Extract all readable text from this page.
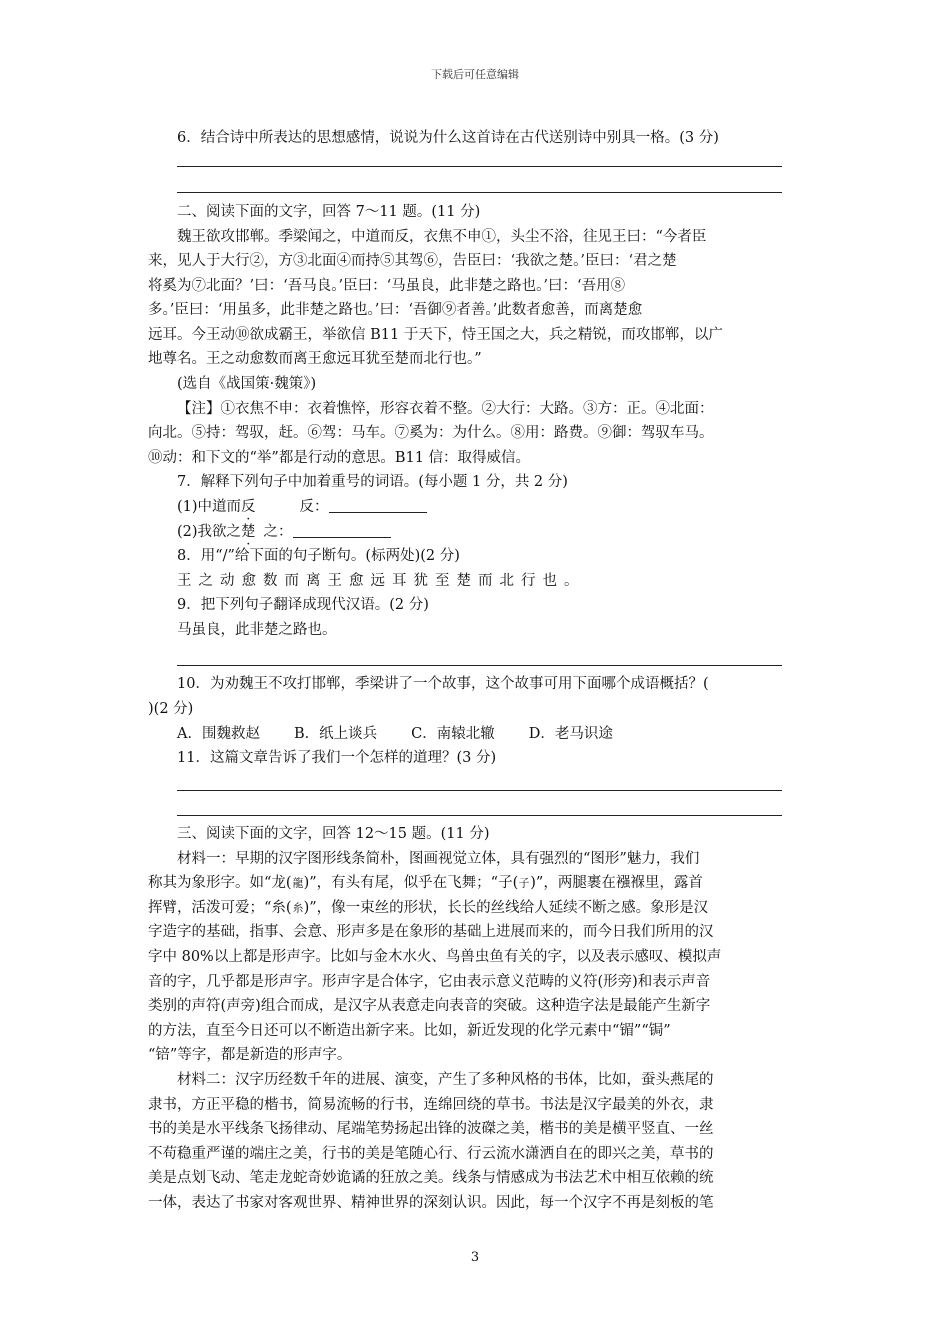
下载后可任意编辑

6．结合诗中所表达的思想感情，说说为什么这首诗在古代送别诗中别具一格。(3 分)

二、阅读下面的文字，回答 7～11 题。(11 分)

魏王欲攻邯郸。季梁闻之，中道而反，衣焦不申①，头尘不浴，往见王曰：“今者臣

来，见人于大行②，方③北面④而持⑤其驾⑥，告臣曰：‘我欲之楚。’臣曰：‘君之楚

将奚为⑦北面？’曰：‘吾马良。’臣曰：‘马虽良，此非楚之路也。’曰：‘吾用⑧

多。’臣曰：‘用虽多，此非楚之路也。’曰：‘吾御⑨者善。’此数者愈善，而离楚愈

远耳。今王动⑩欲成霸王，举欲信 B11 于天下，恃王国之大，兵之精锐，而攻邯郸，以广

地尊名。王之动愈数而离王愈远耳犹至楚而北行也。”

(选自《战国策·魏策》)

【注】①衣焦不申：衣着憔悴，形容衣着不整。②大行：大路。③方：正。④北面：

向北。⑤持：驾驭，赶。⑥驾：马车。⑦奚为：为什么。⑧用：路费。⑨御：驾驭车马。

⑩动：和下文的“举”都是行动的意思。B11 信：取得威信。

7．解释下列句子中加着重号的词语。(每小题 1 分，共 2 分)

(1)中道而反	反：

(2)我欲之楚 之：

8．用“/”给下面的句子断句。(标两处)(2 分)

王之动愈数而离王愈远耳犹至楚而北行也。

9．把下列句子翻译成现代汉语。(2 分)

马虽良，此非楚之路也。

10．为劝魏王不攻打邯郸，季梁讲了一个故事，这个故事可用下面哪个成语概括？(

)(2 分)

A．围魏救赵 B．纸上谈兵 C．南辕北辙 D．老马识途

11．这篇文章告诉了我们一个怎样的道理？(3 分)

三、阅读下面的文字，回答 12～15 题。(11 分)

材料一：早期的汉字图形线条简朴，图画视觉立体，具有强烈的“图形”魅力，我们

称其为象形字。如“龙(龍)”，有头有尾，似乎在飞舞；“子(子)”，两腿裹在襁褓里，露首

挥臂，活泼可爱；“糸(糸)”，像一束丝的形状，长长的丝线给人延续不断之感。象形是汉

字造字的基础，指事、会意、形声多是在象形的基础上进展而来的，而今日我们所用的汉

字中 80%以上都是形声字。比如与金木水火、鸟兽虫鱼有关的字，以及表示感叹、模拟声

音的字，几乎都是形声字。形声字是合体字，它由表示意义范畴的义符(形旁)和表示声音

类别的声符(声旁)组合而成，是汉字从表意走向表音的突破。这种造字法是最能产生新字

的方法，直至今日还可以不断造出新字来。比如，新近发现的化学元素中“镅”“锔”

“锫”等字，都是新造的形声字。

材料二：汉字历经数千年的进展、演变，产生了多种风格的书体，比如，蚕头燕尾的

隶书，方正平稳的楷书，简易流畅的行书，连绵回绕的草书。书法是汉字最美的外衣，隶

书的美是水平线条飞扬律动、尾端笔势扬起出锋的波磔之美，楷书的美是横平竖直、一丝

不苟稳重严谨的端庄之美，行书的美是笔随心行、行云流水潇洒自在的即兴之美，草书的

美是点划飞动、笔走龙蛇奇妙诡谲的狂放之美。线条与情感成为书法艺术中相互依赖的统

一体，表达了书家对客观世界、精神世界的深刻认识。因此，每一个汉字不再是刻板的笔

3
